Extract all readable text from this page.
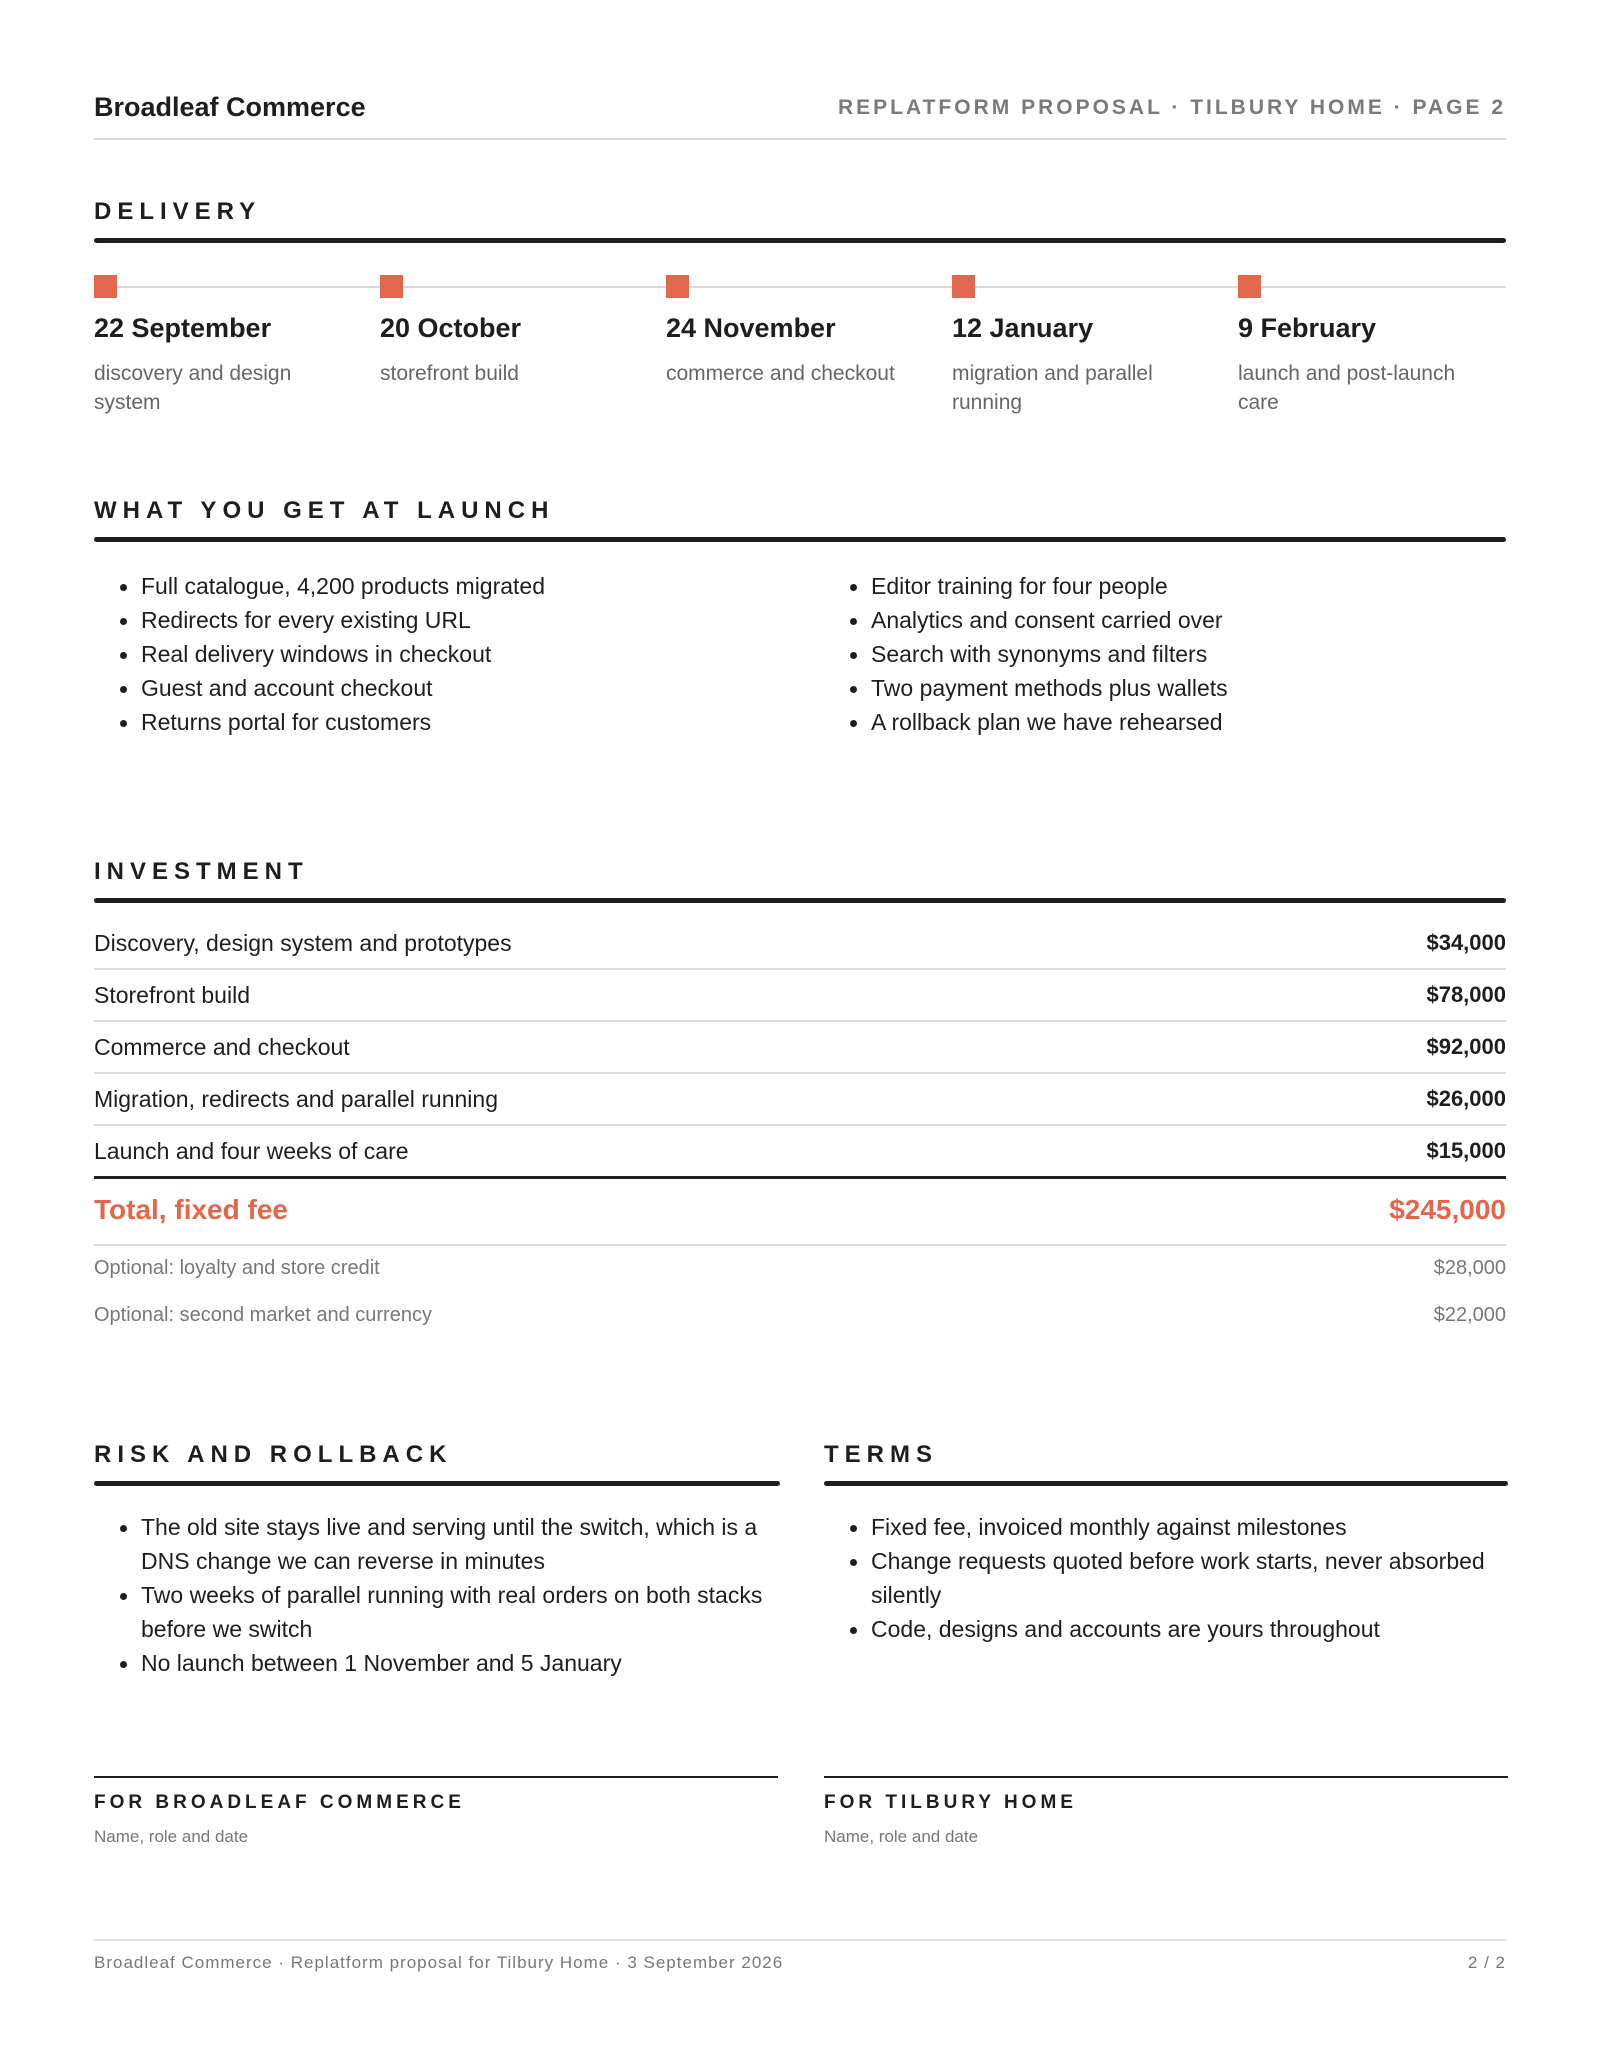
Broadleaf Commerce	REPLATFORM PROPOSAL · TILBURY HOME · PAGE 2
DELIVERY
22 September
discovery and design system
20 October
storefront build
24 November
commerce and checkout
12 January
migration and parallel running
9 February
launch and post-launch care
WHAT YOU GET AT LAUNCH
Full catalogue, 4,200 products migrated
Redirects for every existing URL
Real delivery windows in checkout
Guest and account checkout
Returns portal for customers
Editor training for four people
Analytics and consent carried over
Search with synonyms and filters
Two payment methods plus wallets
A rollback plan we have rehearsed
INVESTMENT
Discovery, design system and prototypes	$34,000
Storefront build	$78,000
Commerce and checkout	$92,000
Migration, redirects and parallel running	$26,000
Launch and four weeks of care	$15,000
Total, fixed fee	$245,000
Optional: loyalty and store credit	$28,000
Optional: second market and currency	$22,000
RISK AND ROLLBACK
The old site stays live and serving until the switch, which is a DNS change we can reverse in minutes
Two weeks of parallel running with real orders on both stacks before we switch
No launch between 1 November and 5 January
TERMS
Fixed fee, invoiced monthly against milestones
Change requests quoted before work starts, never absorbed silently
Code, designs and accounts are yours throughout
FOR BROADLEAF COMMERCE
Name, role and date
FOR TILBURY HOME
Name, role and date
Broadleaf Commerce · Replatform proposal for Tilbury Home · 3 September 2026	2 / 2
